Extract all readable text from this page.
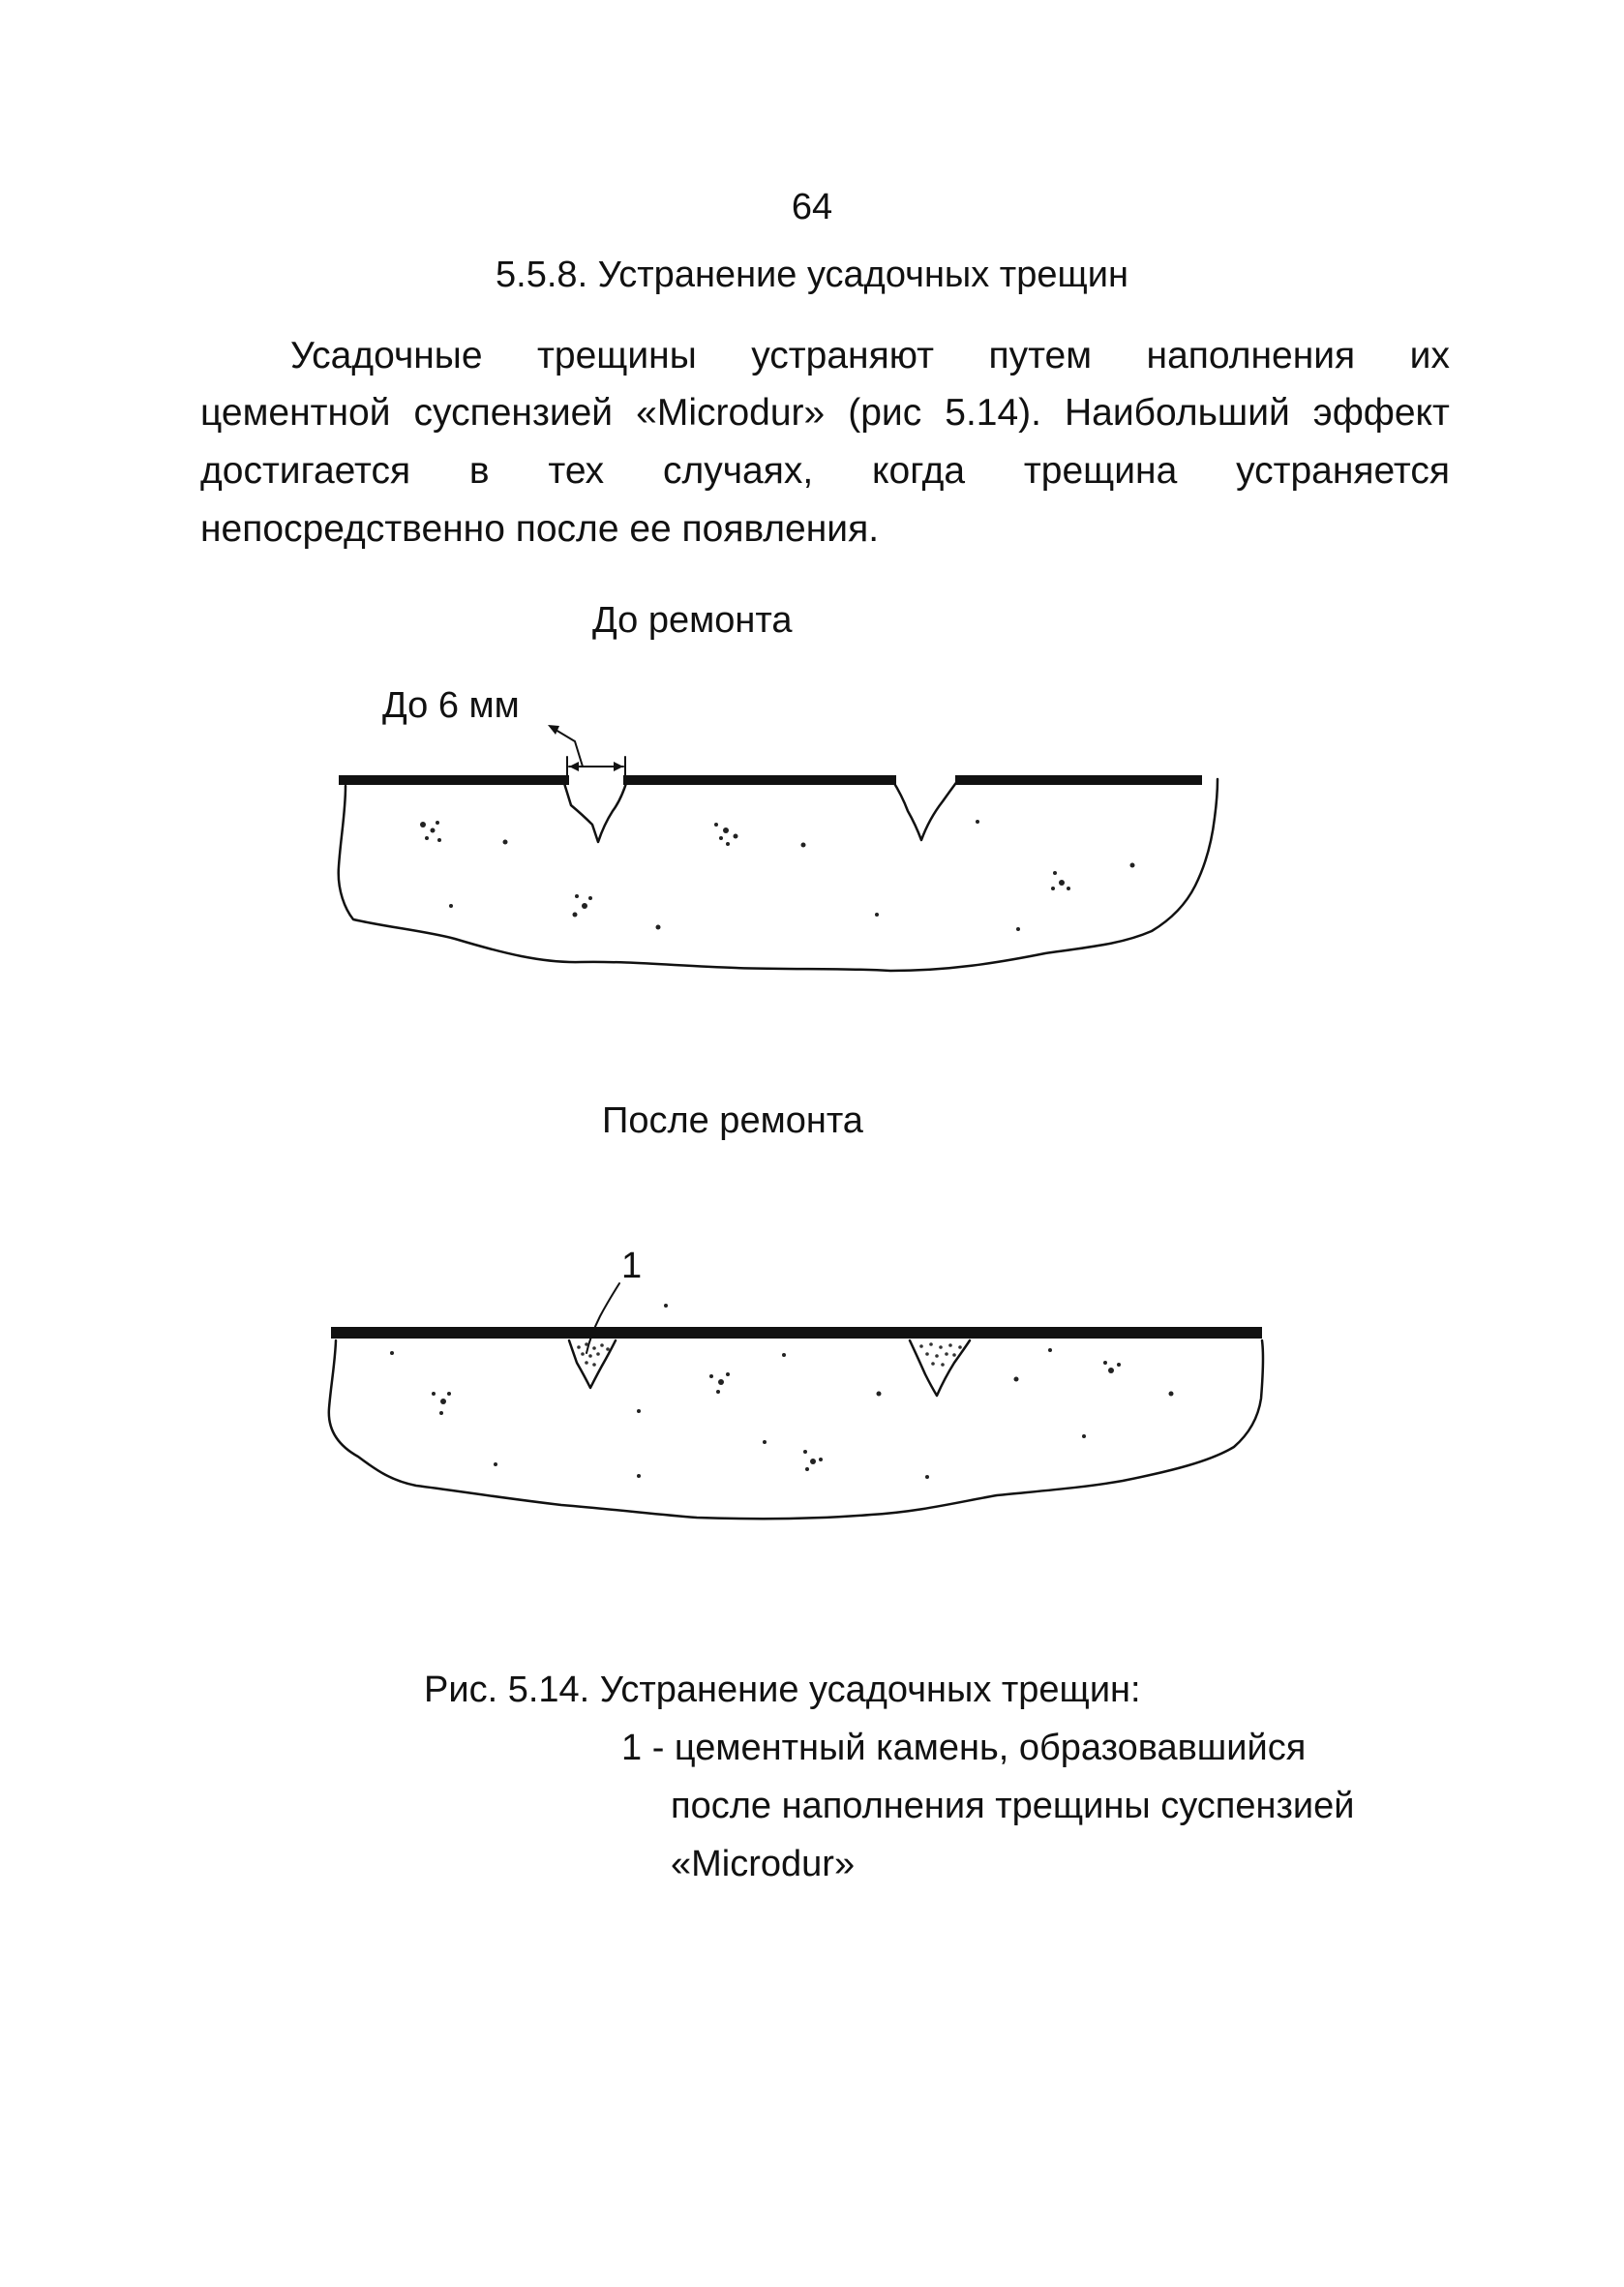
64
5.5.8. Устранение усадочных трещин
Усадочные трещины устраняют путем наполнения их
цементной суспензией «Microdur» (рис 5.14). Наибольший эффект
достигается в тех случаях, когда трещина устраняется
непосредственно после ее появления.
До ремонта
До 6 мм
После ремонта
1
Рис. 5.14. Устранение усадочных трещин:
1 - цементный камень, образовавшийся
после наполнения трещины суспензией
«Microdur»
